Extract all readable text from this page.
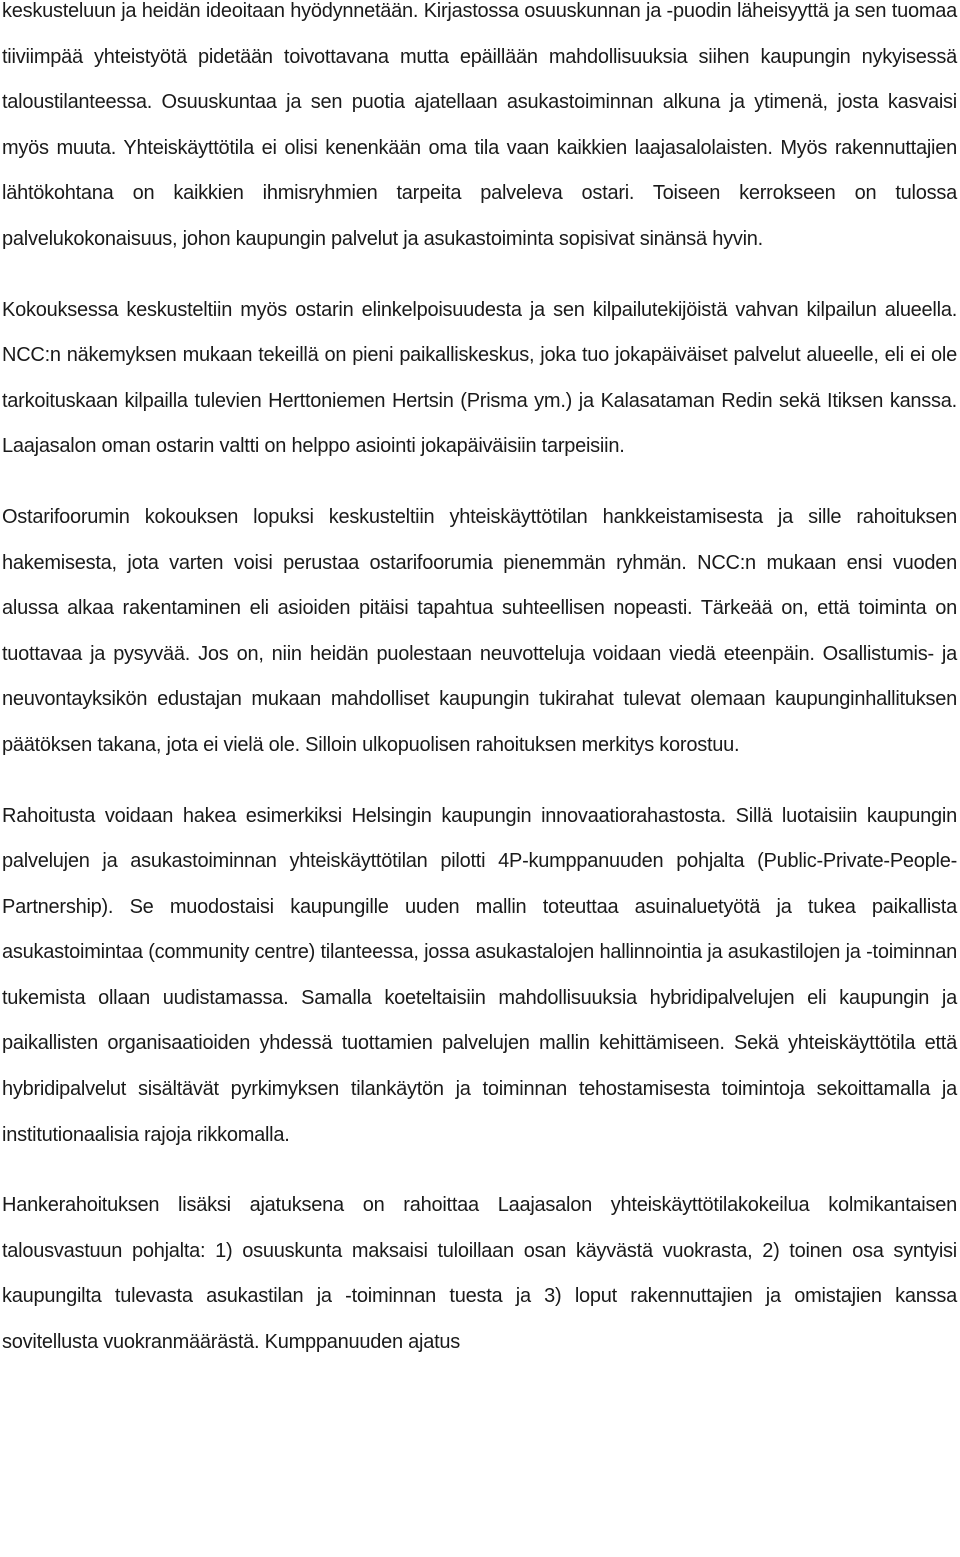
keskusteluun ja heidän ideoitaan hyödynnetään. Kirjastossa osuuskunnan ja -puodin läheisyyttä ja sen tuomaa tiiviimpää yhteistyötä pidetään toivottavana mutta epäillään mahdollisuuksia siihen kaupungin nykyisessä taloustilanteessa. Osuuskuntaa ja sen puotia ajatellaan asukastoiminnan alkuna ja ytimenä, josta kasvaisi myös muuta. Yhteiskäyttötila ei olisi kenenkään oma tila vaan kaikkien laajasalolaisten. Myös rakennuttajien lähtökohtana on kaikkien ihmisryhmien tarpeita palveleva ostari. Toiseen kerrokseen on tulossa palvelukokonaisuus, johon kaupungin palvelut ja asukastoiminta sopisivat sinänsä hyvin.

Kokouksessa keskusteltiin myös ostarin elinkelpoisuudesta ja sen kilpailutekijöistä vahvan kilpailun alueella. NCC:n näkemyksen mukaan tekeillä on pieni paikalliskeskus, joka tuo jokapäiväiset palvelut alueelle, eli ei ole tarkoituskaan kilpailla tulevien Herttoniemen Hertsin (Prisma ym.) ja Kalasataman Redin sekä Itiksen kanssa. Laajasalon oman ostarin valtti on helppo asiointi jokapäiväisiin tarpeisiin.

Ostarifoorumin kokouksen lopuksi keskusteltiin yhteiskäyttötilan hankkeistamisesta ja sille rahoituksen hakemisesta, jota varten voisi perustaa ostarifoorumia pienemmän ryhmän. NCC:n mukaan ensi vuoden alussa alkaa rakentaminen eli asioiden pitäisi tapahtua suhteellisen nopeasti. Tärkeää on, että toiminta on tuottavaa ja pysyvää. Jos on, niin heidän puolestaan neuvotteluja voidaan viedä eteenpäin. Osallistumis- ja neuvontayksikön edustajan mukaan mahdolliset kaupungin tukirahat tulevat olemaan kaupunginhallituksen päätöksen takana, jota ei vielä ole. Silloin ulkopuolisen rahoituksen merkitys korostuu.

Rahoitusta voidaan hakea esimerkiksi Helsingin kaupungin innovaatiorahastosta. Sillä luotaisiin kaupungin palvelujen ja asukastoiminnan yhteiskäyttötilan pilotti 4P-kumppanuuden pohjalta (Public-Private-People-Partnership). Se muodostaisi kaupungille uuden mallin toteuttaa asuinaluetyötä ja tukea paikallista asukastoimintaa (community centre) tilanteessa, jossa asukastalojen hallinnointia ja asukastilojen ja -toiminnan tukemista ollaan uudistamassa. Samalla koeteltaisiin mahdollisuuksia hybridipalvelujen eli kaupungin ja paikallisten organisaatioiden yhdessä tuottamien palvelujen mallin kehittämiseen. Sekä yhteiskäyttötila että hybridipalvelut sisältävät pyrkimyksen tilankäytön ja toiminnan tehostamisesta toimintoja sekoittamalla ja institutionaalisia rajoja rikkomalla.

Hankerahoituksen lisäksi ajatuksena on rahoittaa Laajasalon yhteiskäyttötilakokeilua kolmikantaisen talousvastuun pohjalta: 1) osuuskunta maksaisi tuloillaan osan käyvästä vuokrasta, 2) toinen osa syntyisi kaupungilta tulevasta asukastilan ja -toiminnan tuesta ja 3) loput rakennuttajien ja omistajien kanssa sovitellusta vuokranmäärästä. Kumppanuuden ajatus
